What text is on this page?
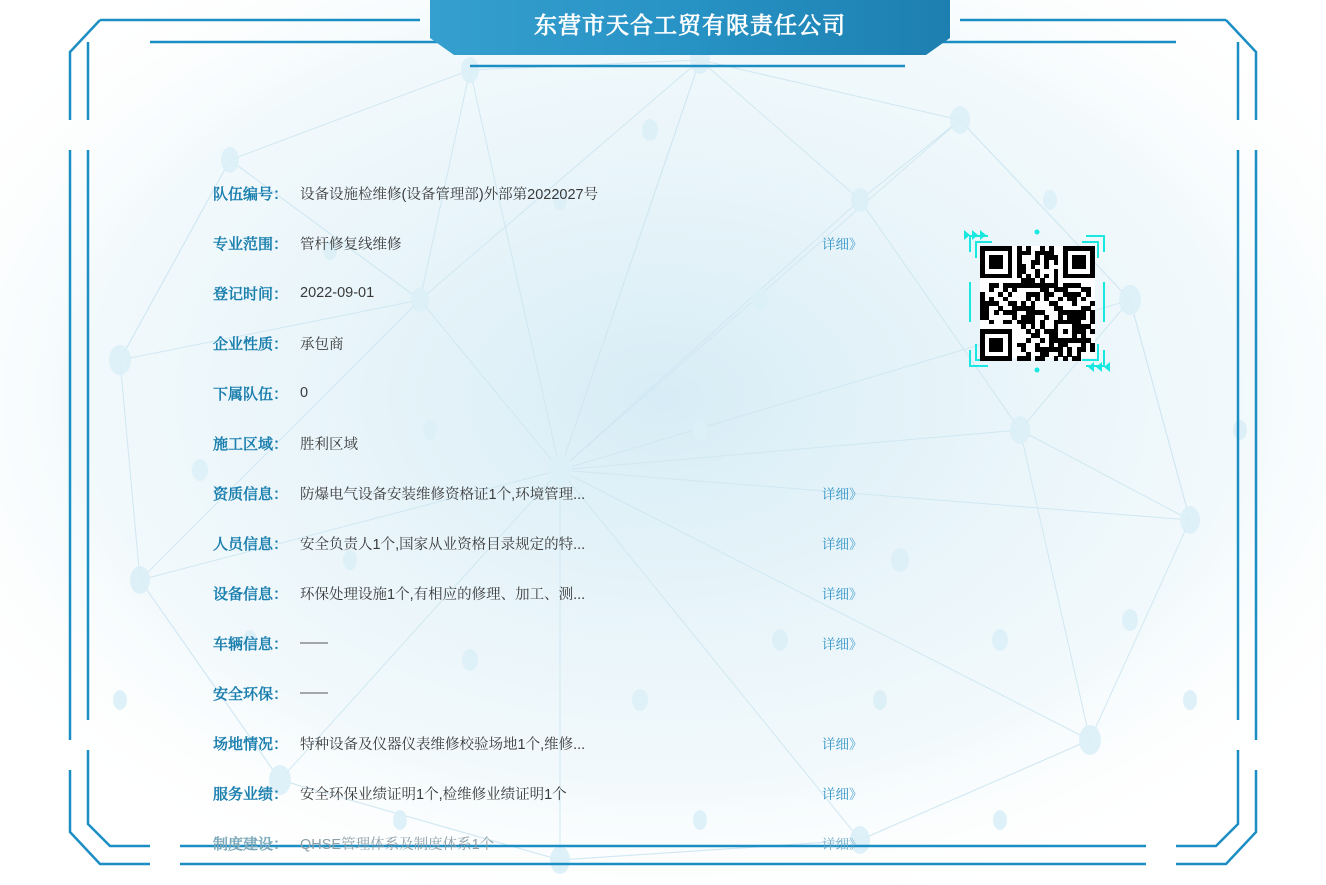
东营市天合工贸有限责任公司
队伍编号： 设备设施检维修(设备管理部)外部第2022027号
专业范围： 管杆修复线维修	详细》
登记时间： 2022-09-01
企业性质： 承包商
下属队伍： 0
施工区域： 胜利区域
资质信息： 防爆电气设备安装维修资格证1个,环境管理...	详细》
人员信息： 安全负责人1个,国家从业资格目录规定的特...	详细》
设备信息： 环保处理设施1个,有相应的修理、加工、测...	详细》
车辆信息： ——	详细》
安全环保： ——
场地情况： 特种设备及仪器仪表维修校验场地1个,维修...	详细》
服务业绩： 安全环保业绩证明1个,检维修业绩证明1个	详细》
制度建设： QHSE管理体系及制度体系1个	详细》
